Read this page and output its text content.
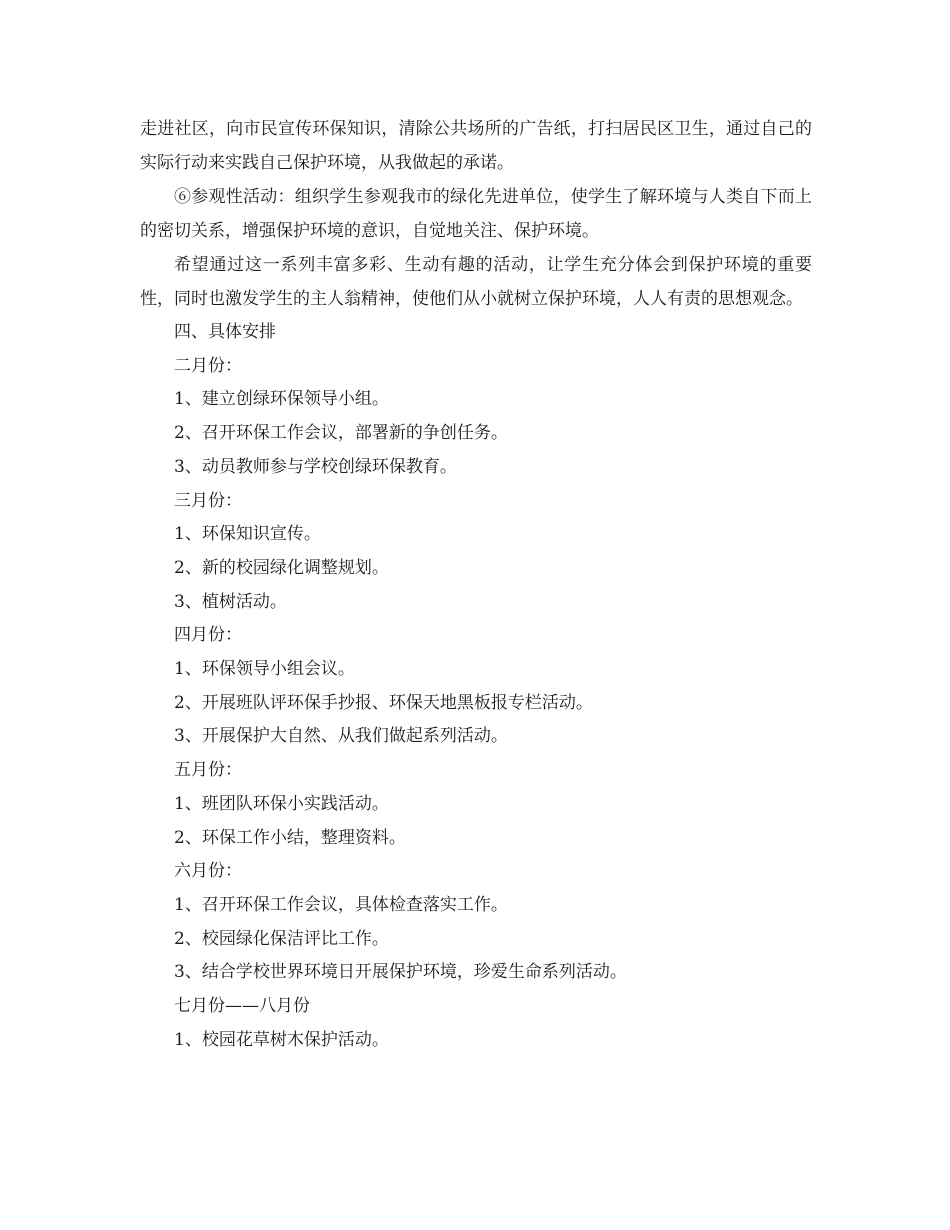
走进社区，向市民宣传环保知识，清除公共场所的广告纸，打扫居民区卫生，通过自己的实际行动来实践自己保护环境，从我做起的承诺。

⑥参观性活动：组织学生参观我市的绿化先进单位，使学生了解环境与人类自下而上的密切关系，增强保护环境的意识，自觉地关注、保护环境。

希望通过这一系列丰富多彩、生动有趣的活动，让学生充分体会到保护环境的重要性，同时也激发学生的主人翁精神，使他们从小就树立保护环境，人人有责的思想观念。

四、具体安排

二月份：

1、建立创绿环保领导小组。

2、召开环保工作会议，部署新的争创任务。

3、动员教师参与学校创绿环保教育。

三月份：

1、环保知识宣传。

2、新的校园绿化调整规划。

3、植树活动。

四月份：

1、环保领导小组会议。

2、开展班队评环保手抄报、环保天地黑板报专栏活动。

3、开展保护大自然、从我们做起系列活动。

五月份：

1、班团队环保小实践活动。

2、环保工作小结，整理资料。

六月份：

1、召开环保工作会议，具体检查落实工作。

2、校园绿化保洁评比工作。

3、结合学校世界环境日开展保护环境，珍爱生命系列活动。

七月份——八月份

1、校园花草树木保护活动。
